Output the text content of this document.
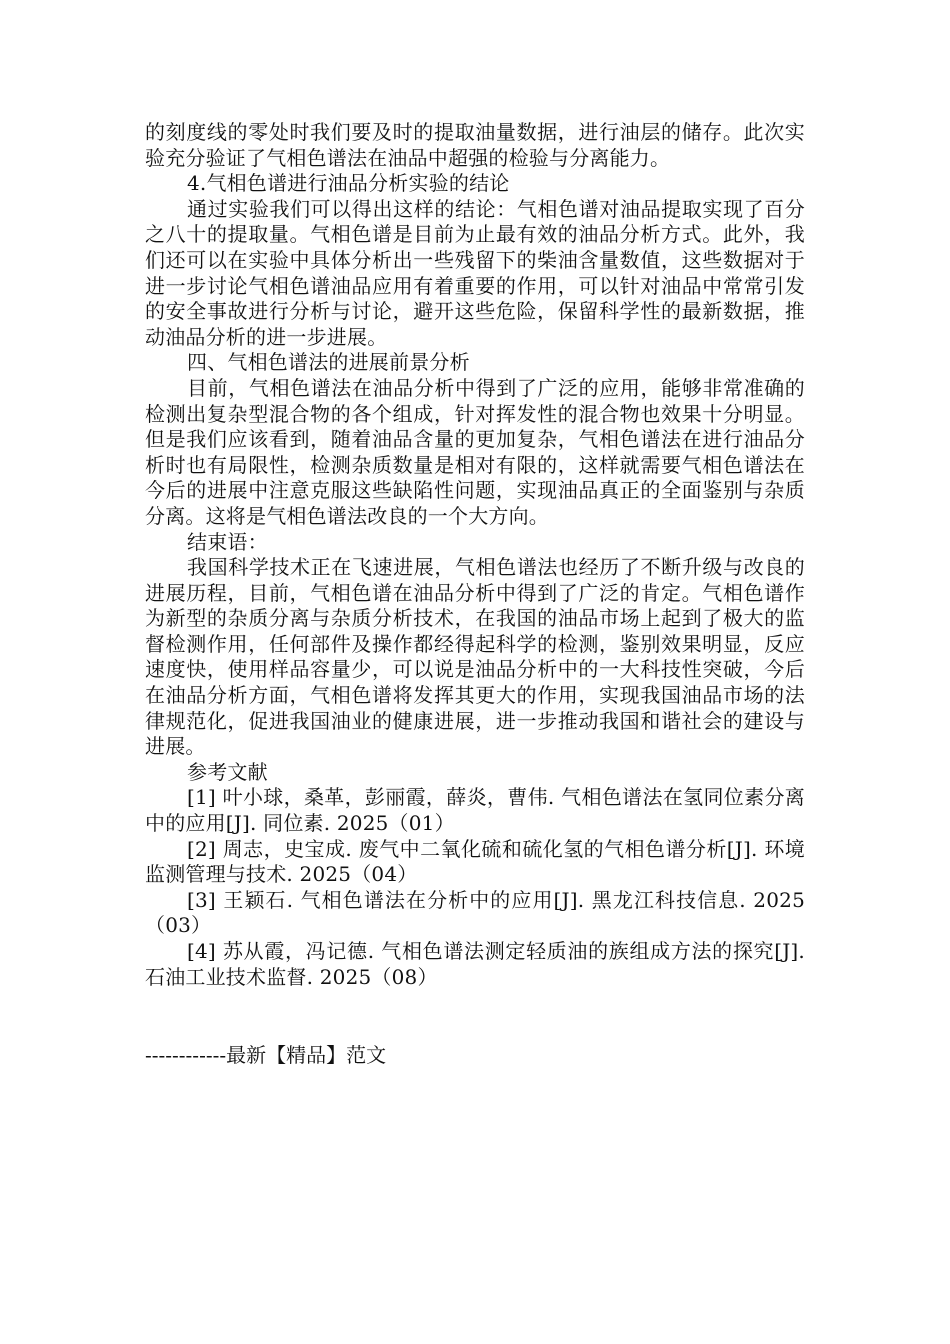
的刻度线的零处时我们要及时的提取油量数据，进行油层的储存。此次实验充分验证了气相色谱法在油品中超强的检验与分离能力。

4.气相色谱进行油品分析实验的结论

通过实验我们可以得出这样的结论：气相色谱对油品提取实现了百分之八十的提取量。气相色谱是目前为止最有效的油品分析方式。此外，我们还可以在实验中具体分析出一些残留下的柴油含量数值，这些数据对于进一步讨论气相色谱油品应用有着重要的作用，可以针对油品中常常引发的安全事故进行分析与讨论，避开这些危险，保留科学性的最新数据，推动油品分析的进一步进展。

四、气相色谱法的进展前景分析

目前，气相色谱法在油品分析中得到了广泛的应用，能够非常准确的检测出复杂型混合物的各个组成，针对挥发性的混合物也效果十分明显。但是我们应该看到，随着油品含量的更加复杂，气相色谱法在进行油品分析时也有局限性，检测杂质数量是相对有限的，这样就需要气相色谱法在今后的进展中注意克服这些缺陷性问题，实现油品真正的全面鉴别与杂质分离。这将是气相色谱法改良的一个大方向。

结束语：

我国科学技术正在飞速进展，气相色谱法也经历了不断升级与改良的进展历程，目前，气相色谱在油品分析中得到了广泛的肯定。气相色谱作为新型的杂质分离与杂质分析技术，在我国的油品市场上起到了极大的监督检测作用，任何部件及操作都经得起科学的检测，鉴别效果明显，反应速度快，使用样品容量少，可以说是油品分析中的一大科技性突破，今后在油品分析方面，气相色谱将发挥其更大的作用，实现我国油品市场的法律规范化，促进我国油业的健康进展，进一步推动我国和谐社会的建设与进展。

参考文献

[1] 叶小球，桑革，彭丽霞，薛炎，曹伟. 气相色谱法在氢同位素分离中的应用[J]. 同位素. 2025（01）

[2] 周志，史宝成. 废气中二氧化硫和硫化氢的气相色谱分析[J]. 环境监测管理与技术. 2025（04）

[3] 王颖石. 气相色谱法在分析中的应用[J]. 黑龙江科技信息. 2025（03）

[4] 苏从霞，冯记德. 气相色谱法测定轻质油的族组成方法的探究[J]. 石油工业技术监督. 2025（08）

------------最新【精品】范文
